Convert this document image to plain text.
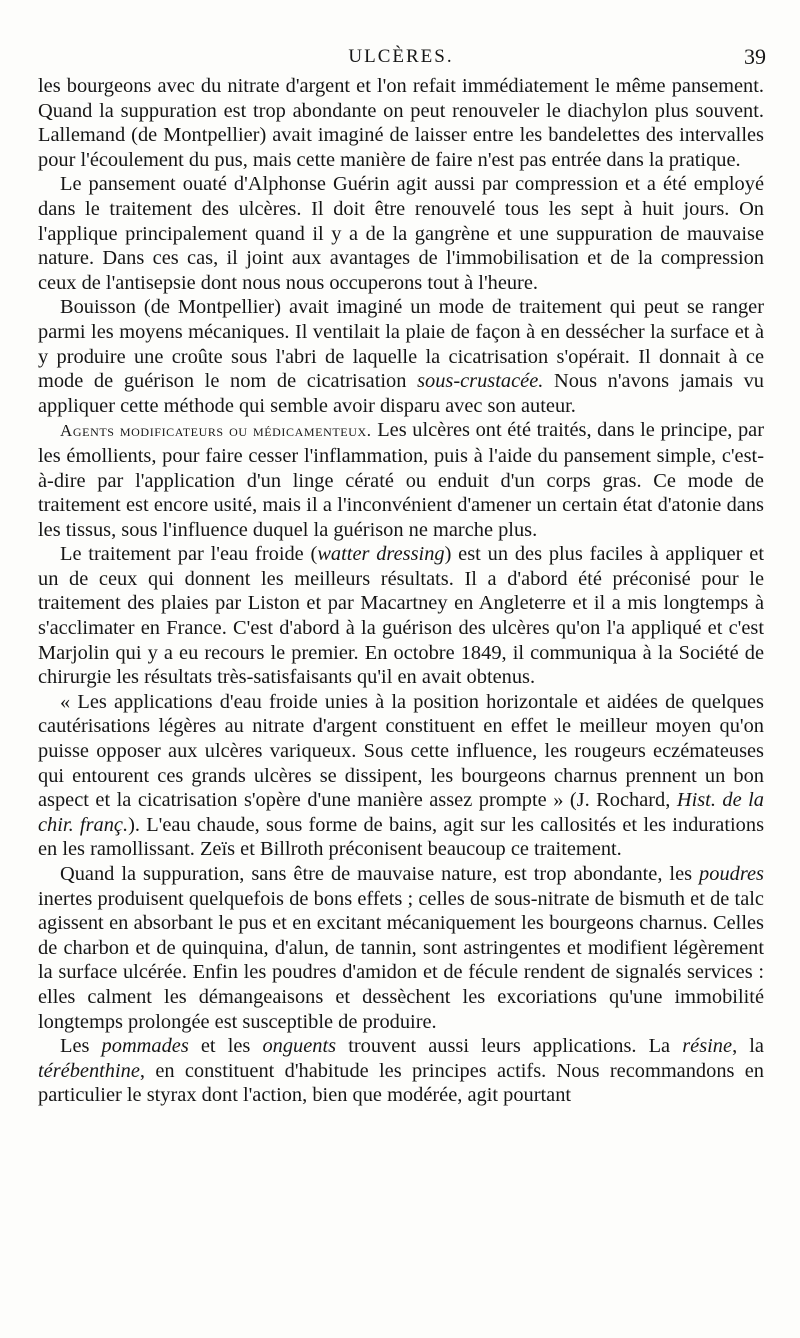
ULCÈRES.	39

les bourgeons avec du nitrate d'argent et l'on refait immédiatement le même pansement. Quand la suppuration est trop abondante on peut renouveler le diachylon plus souvent. Lallemand (de Montpellier) avait imaginé de laisser entre les bandelettes des intervalles pour l'écoulement du pus, mais cette manière de faire n'est pas entrée dans la pratique.

Le pansement ouaté d'Alphonse Guérin agit aussi par compression et a été employé dans le traitement des ulcères. Il doit être renouvelé tous les sept à huit jours. On l'applique principalement quand il y a de la gangrène et une suppuration de mauvaise nature. Dans ces cas, il joint aux avantages de l'immobilisation et de la compression ceux de l'antisepsie dont nous nous occuperons tout à l'heure.

Bouisson (de Montpellier) avait imaginé un mode de traitement qui peut se ranger parmi les moyens mécaniques. Il ventilait la plaie de façon à en dessécher la surface et à y produire une croûte sous l'abri de laquelle la cicatrisation s'opérait. Il donnait à ce mode de guérison le nom de cicatrisation sous-crustacée. Nous n'avons jamais vu appliquer cette méthode qui semble avoir disparu avec son auteur.

Agents modificateurs ou médicamenteux. Les ulcères ont été traités, dans le principe, par les émollients, pour faire cesser l'inflammation, puis à l'aide du pansement simple, c'est-à-dire par l'application d'un linge cératé ou enduit d'un corps gras. Ce mode de traitement est encore usité, mais il a l'inconvénient d'amener un certain état d'atonie dans les tissus, sous l'influence duquel la guérison ne marche plus.

Le traitement par l'eau froide (watter dressing) est un des plus faciles à appliquer et un de ceux qui donnent les meilleurs résultats. Il a d'abord été préconisé pour le traitement des plaies par Liston et par Macartney en Angleterre et il a mis longtemps à s'acclimater en France. C'est d'abord à la guérison des ulcères qu'on l'a appliqué et c'est Marjolin qui y a eu recours le premier. En octobre 1849, il communiqua à la Société de chirurgie les résultats très-satisfaisants qu'il en avait obtenus.

« Les applications d'eau froide unies à la position horizontale et aidées de quelques cautérisations légères au nitrate d'argent constituent en effet le meilleur moyen qu'on puisse opposer aux ulcères variqueux. Sous cette influence, les rougeurs eczémateuses qui entourent ces grands ulcères se dissipent, les bourgeons charnus prennent un bon aspect et la cicatrisation s'opère d'une manière assez prompte » (J. Rochard, Hist. de la chir. franç.). L'eau chaude, sous forme de bains, agit sur les callosités et les indurations en les ramollissant. Zeïs et Billroth préconisent beaucoup ce traitement.

Quand la suppuration, sans être de mauvaise nature, est trop abondante, les poudres inertes produisent quelquefois de bons effets ; celles de sous-nitrate de bismuth et de talc agissent en absorbant le pus et en excitant mécaniquement les bourgeons charnus. Celles de charbon et de quinquina, d'alun, de tannin, sont astringentes et modifient légèrement la surface ulcérée. Enfin les poudres d'amidon et de fécule rendent de signalés services : elles calment les démangeaisons et dessèchent les excoriations qu'une immobilité longtemps prolongée est susceptible de produire.

Les pommades et les onguents trouvent aussi leurs applications. La résine, la térébenthine, en constituent d'habitude les principes actifs. Nous recommandons en particulier le styrax dont l'action, bien que modérée, agit pourtant
